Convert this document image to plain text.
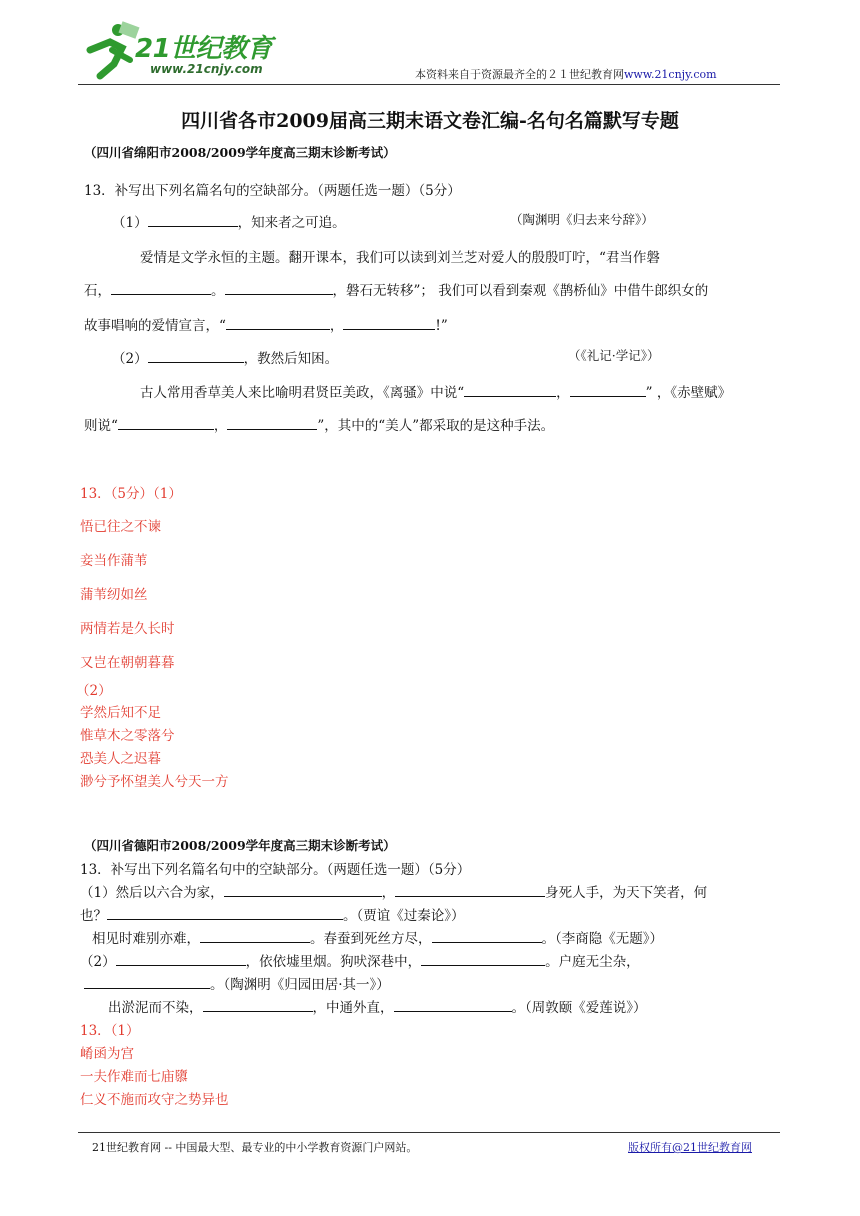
21世纪教育
www.21cnjy.com	本资料来自于资源最齐全的２１世纪教育网www.21cnjy.com
四川省各市2009届高三期末语文卷汇编-名句名篇默写专题
（四川省绵阳市2008/2009学年度高三期末诊断考试）
13．补写出下列名篇名句的空缺部分。（两题任选一题）（5分）
（1）	，知来者之可追。	（陶渊明《归去来兮辞》）
爱情是文学永恒的主题。翻开课本，我们可以读到刘兰芝对爱人的殷殷叮咛，“君当作磐
石，	。	，磐石无转移”； 我们可以看到秦观《鹊桥仙》中借牛郎织女的
故事唱响的爱情宣言，“	，	!”
（2）	，教然后知困。	（《礼记·学记》）
古人常用香草美人来比喻明君贤臣美政，《离骚》中说“	，	” ，《赤壁赋》
则说“	，	”，其中的“美人”都采取的是这种手法。
13．（5分）（1）
悟已往之不谏
妾当作蒲苇
蒲苇纫如丝
两情若是久长时
又岂在朝朝暮暮
（2）
学然后知不足
惟草木之零落兮
恐美人之迟暮
渺兮予怀望美人兮天一方
（四川省德阳市2008/2009学年度高三期末诊断考试）
13．补写出下列名篇名句中的空缺部分。（两题任选一题）（5分）
（1）然后以六合为家，	，	身死人手，为天下笑者，何
也？	。（贾谊《过秦论》）
相见时难别亦难，	。春蚕到死丝方尽，	。（李商隐《无题》）
（2）	，依依墟里烟。狗吠深巷中，	。户庭无尘杂，
。（陶渊明《归园田居·其一》）
出淤泥而不染，	，中通外直，	。（周敦颐《爱莲说》）
13．（1）
崤函为宫
一夫作难而七庙隳
仁义不施而攻守之势异也
21世纪教育网 -- 中国最大型、最专业的中小学教育资源门户网站。	版权所有@21世纪教育网
